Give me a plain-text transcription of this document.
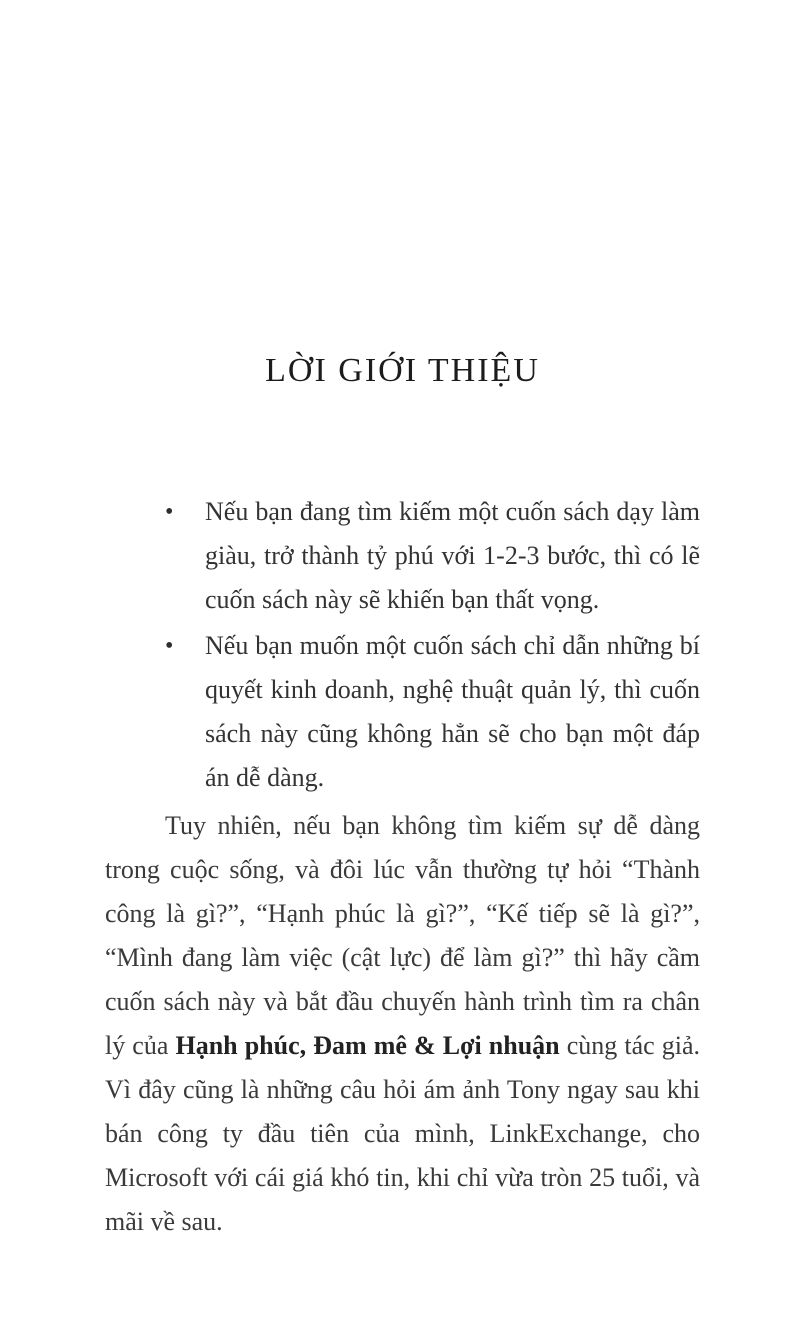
LỜI GIỚI THIỆU
•	Nếu bạn đang tìm kiếm một cuốn sách dạy làm giàu, trở thành tỷ phú với 1-2-3 bước, thì có lẽ cuốn sách này sẽ khiến bạn thất vọng.
•	Nếu bạn muốn một cuốn sách chỉ dẫn những bí quyết kinh doanh, nghệ thuật quản lý, thì cuốn sách này cũng không hẳn sẽ cho bạn một đáp án dễ dàng.

Tuy nhiên, nếu bạn không tìm kiếm sự dễ dàng trong cuộc sống, và đôi lúc vẫn thường tự hỏi “Thành công là gì?”, “Hạnh phúc là gì?”, “Kế tiếp sẽ là gì?”, “Mình đang làm việc (cật lực) để làm gì?” thì hãy cầm cuốn sách này và bắt đầu chuyến hành trình tìm ra chân lý của Hạnh phúc, Đam mê & Lợi nhuận cùng tác giả. Vì đây cũng là những câu hỏi ám ảnh Tony ngay sau khi bán công ty đầu tiên của mình, LinkExchange, cho Microsoft với cái giá khó tin, khi chỉ vừa tròn 25 tuổi, và mãi về sau.
